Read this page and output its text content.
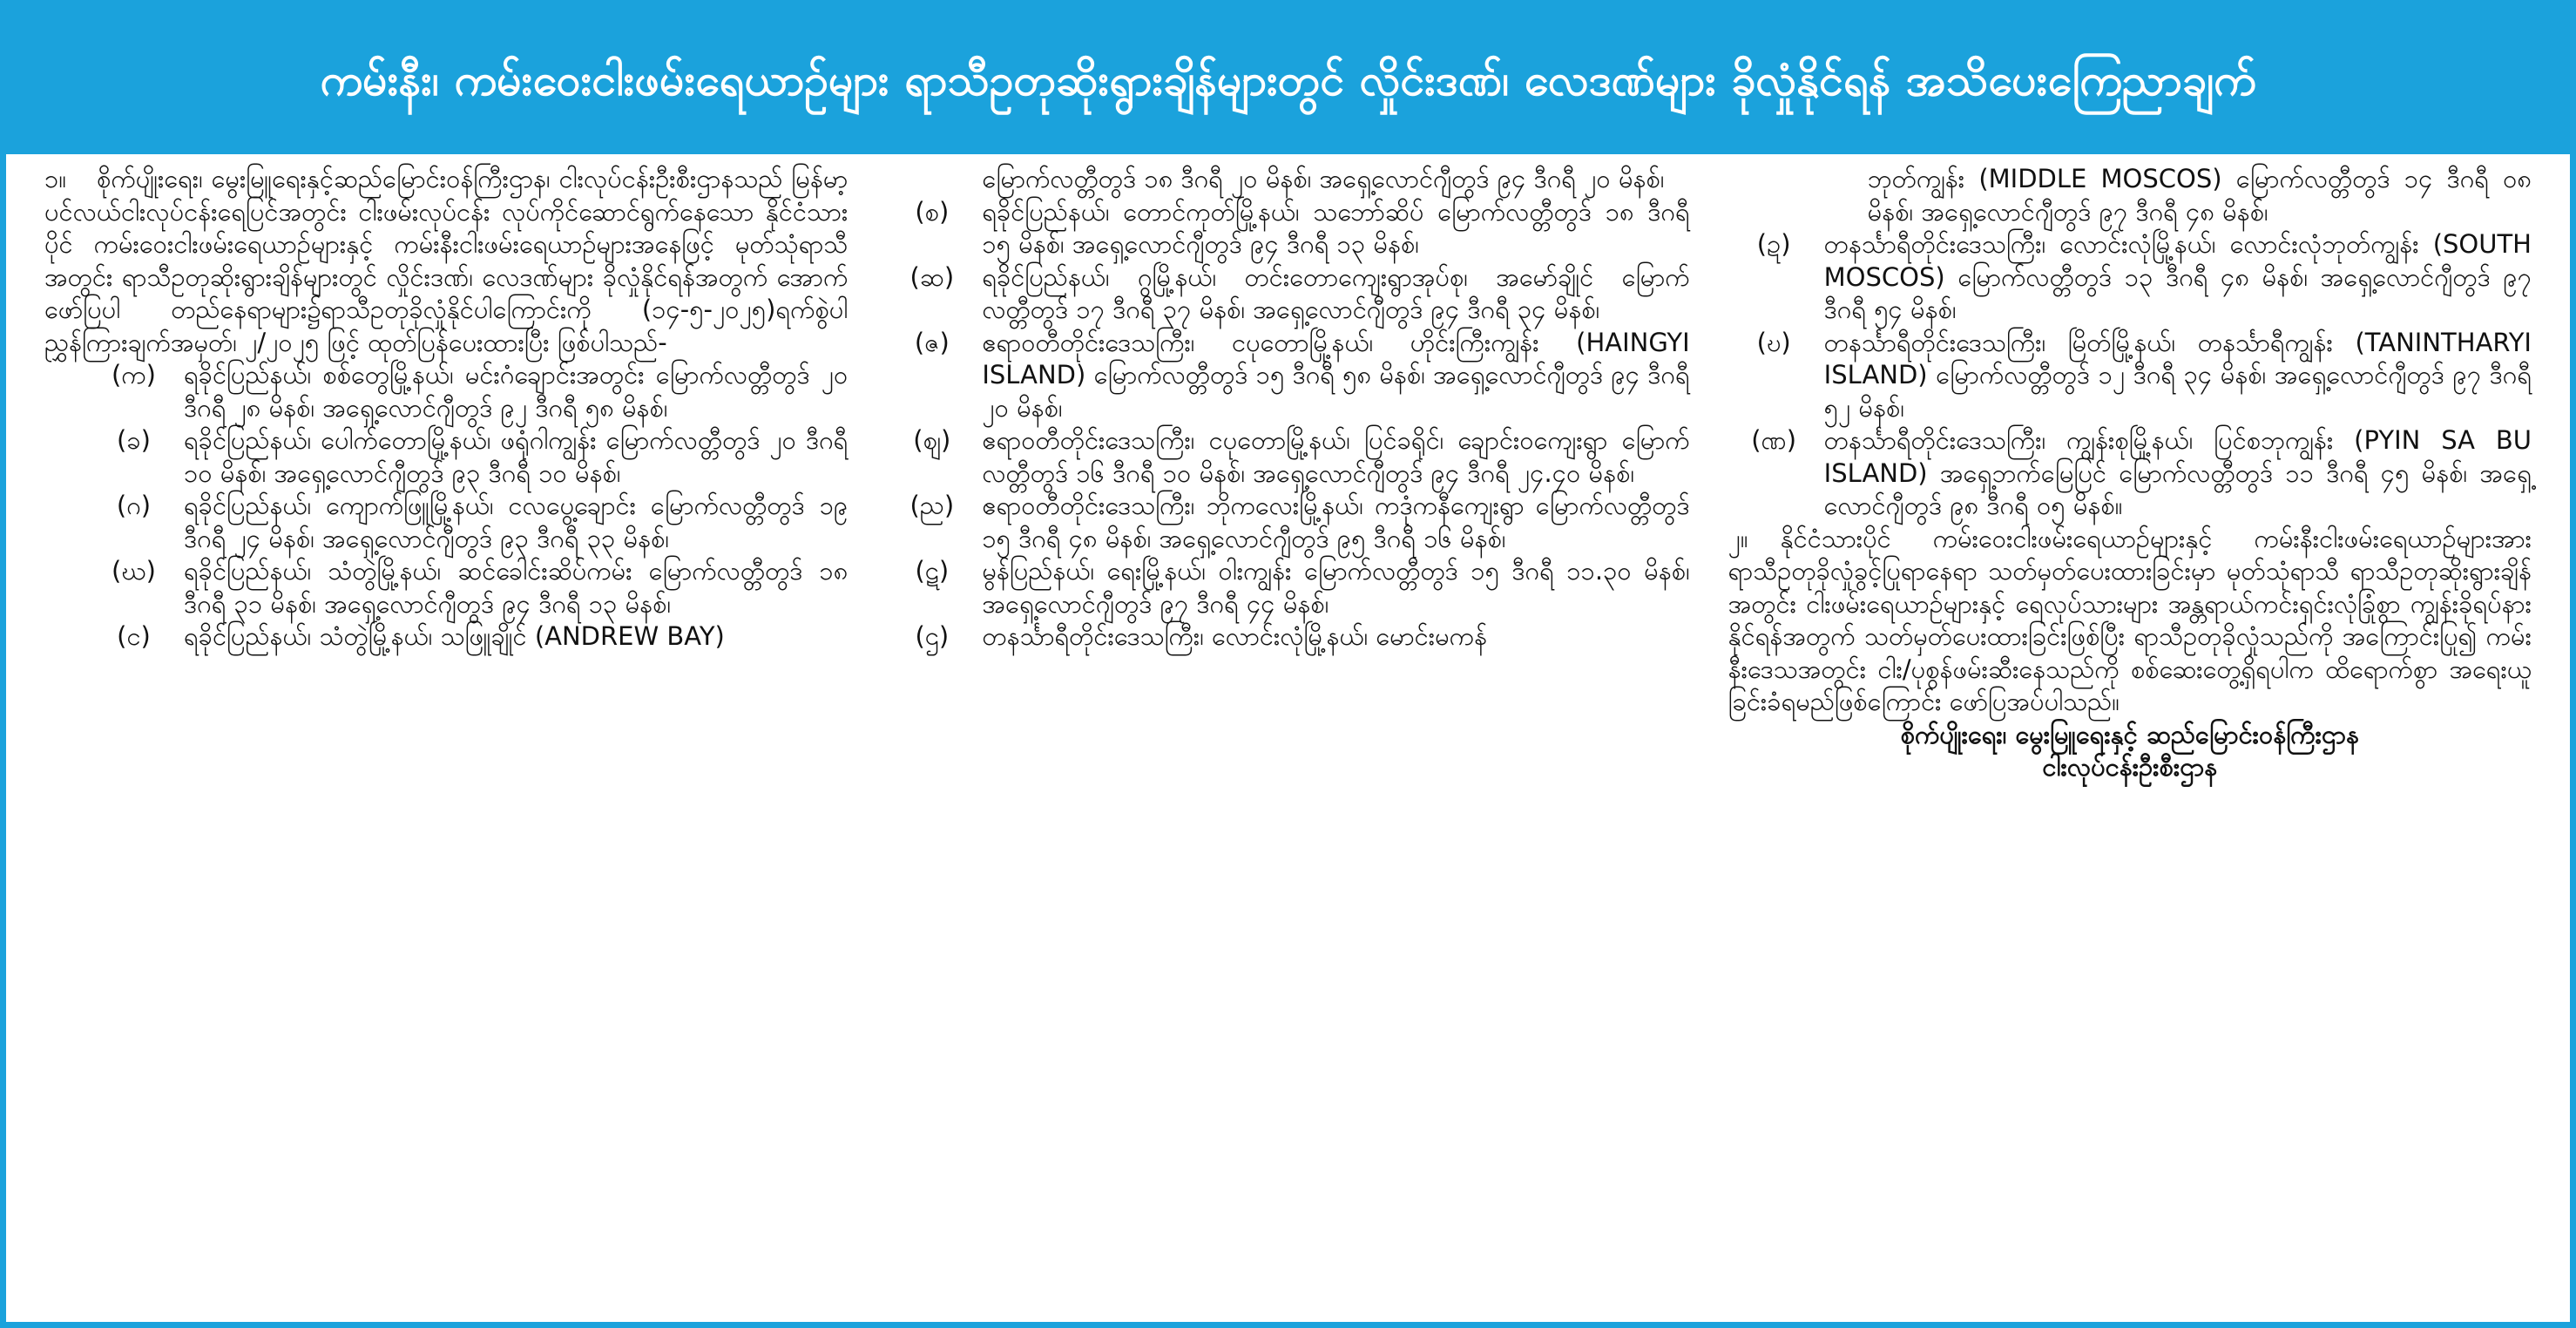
ကမ်းနီး၊ ကမ်းဝေးငါးဖမ်းရေယာဉ်များ ရာသီဥတုဆိုးရွားချိန်များတွင် လှိုင်းဒဏ်၊ လေဒဏ်များ ခိုလှုံနိုင်ရန် အသိပေးကြေညာချက်

၁။ စိုက်ပျိုးရေး၊ မွေးမြူရေးနှင့်ဆည်မြောင်းဝန်ကြီးဌာန၊ ငါးလုပ်ငန်းဦးစီးဌာနသည် မြန်မာ့ပင်လယ်ငါးလုပ်ငန်းရေပြင်အတွင်း ငါးဖမ်းလုပ်ငန်း လုပ်ကိုင်ဆောင်ရွက်နေသော နိုင်ငံသားပိုင် ကမ်းဝေးငါးဖမ်းရေယာဉ်များနှင့် ကမ်းနီးငါးဖမ်းရေယာဉ်များအနေဖြင့် မုတ်သုံရာသီအတွင်း ရာသီဥတုဆိုးရွားချိန်များတွင် လှိုင်းဒဏ်၊ လေဒဏ်များ ခိုလှုံနိုင်ရန်အတွက် အောက်ဖော်ပြပါ တည်နေရာများ၌ရာသီဥတုခိုလှုံနိုင်ပါကြောင်းကို (၁၄-၅-၂၀၂၅)ရက်စွဲပါ ညွှန်ကြားချက်အမှတ်၊ ၂/၂၀၂၅ ဖြင့် ထုတ်ပြန်ပေးထားပြီး ဖြစ်ပါသည်-

(က)	ရခိုင်ပြည်နယ်၊ စစ်တွေမြို့နယ်၊ မင်းဂံချောင်းအတွင်း မြောက်လတ္တီတွဒ် ၂၀ ဒီဂရီ ၂၈ မိနစ်၊ အရှေ့လောင်ဂျီတွဒ် ၉၂ ဒီဂရီ ၅၈ မိနစ်၊

(ခ)	ရခိုင်ပြည်နယ်၊ ပေါက်တောမြို့နယ်၊ ဖရုံဂါကျွန်း မြောက်လတ္တီတွဒ် ၂၀ ဒီဂရီ ၁၀ မိနစ်၊ အရှေ့လောင်ဂျီတွဒ် ၉၃ ဒီဂရီ ၁၀ မိနစ်၊

(ဂ)	ရခိုင်ပြည်နယ်၊ ကျောက်ဖြူမြို့နယ်၊ ငလပွေ့ချောင်း မြောက်လတ္တီတွဒ် ၁၉ ဒီဂရီ ၂၄ မိနစ်၊ အရှေ့လောင်ဂျီတွဒ် ၉၃ ဒီဂရီ ၃၃ မိနစ်၊

(ဃ)	ရခိုင်ပြည်နယ်၊ သံတွဲမြို့နယ်၊ ဆင်ခေါင်းဆိပ်ကမ်း မြောက်လတ္တီတွဒ် ၁၈ ဒီဂရီ ၃၁ မိနစ်၊ အရှေ့လောင်ဂျီတွဒ် ၉၄ ဒီဂရီ ၁၃ မိနစ်၊

(င)	ရခိုင်ပြည်နယ်၊ သံတွဲမြို့နယ်၊ သဖြူချိုင် (ANDREW BAY)

မြောက်လတ္တီတွဒ် ၁၈ ဒီဂရီ ၂၀ မိနစ်၊ အရှေ့လောင်ဂျီတွဒ် ၉၄ ဒီဂရီ ၂၀ မိနစ်၊

(စ)	ရခိုင်ပြည်နယ်၊ တောင်ကုတ်မြို့နယ်၊ သဘော်ဆိပ် မြောက်လတ္တီတွဒ် ၁၈ ဒီဂရီ ၁၅ မိနစ်၊ အရှေ့လောင်ဂျီတွဒ် ၉၄ ဒီဂရီ ၁၃ မိနစ်၊

(ဆ)	ရခိုင်ပြည်နယ်၊ ဂွမြို့နယ်၊ တင်းတောကျေးရွာအုပ်စု၊ အမော်ချိုင် မြောက်လတ္တီတွဒ် ၁၇ ဒီဂရီ ၃၇ မိနစ်၊ အရှေ့လောင်ဂျီတွဒ် ၉၄ ဒီဂရီ ၃၄ မိနစ်၊

(ဇ)	ဧရာဝတီတိုင်းဒေသကြီး၊ ငပုတောမြို့နယ်၊ ဟိုင်းကြီးကျွန်း (HAINGYI ISLAND) မြောက်လတ္တီတွဒ် ၁၅ ဒီဂရီ ၅၈ မိနစ်၊ အရှေ့လောင်ဂျီတွဒ် ၉၄ ဒီဂရီ ၂၀ မိနစ်၊

(ဈ)	ဧရာဝတီတိုင်းဒေသကြီး၊ ငပုတောမြို့နယ်၊ ပြင်ခရိုင်၊ ချောင်းဝကျေးရွာ မြောက်လတ္တီတွဒ် ၁၆ ဒီဂရီ ၁၀ မိနစ်၊ အရှေ့လောင်ဂျီတွဒ် ၉၄ ဒီဂရီ ၂၄.၄၀ မိနစ်၊

(ည)	ဧရာဝတီတိုင်းဒေသကြီး၊ ဘိုကလေးမြို့နယ်၊ ကဒုံကနီကျေးရွာ မြောက်လတ္တီတွဒ် ၁၅ ဒီဂရီ ၄၈ မိနစ်၊ အရှေ့လောင်ဂျီတွဒ် ၉၅ ဒီဂရီ ၁၆ မိနစ်၊

(ဋ)	မွန်ပြည်နယ်၊ ရေးမြို့နယ်၊ ဝါးကျွန်း မြောက်လတ္တီတွဒ် ၁၅ ဒီဂရီ ၁၁.၃၀ မိနစ်၊ အရှေ့လောင်ဂျီတွဒ် ၉၇ ဒီဂရီ ၄၄ မိနစ်၊

(ဌ)	တနင်္သာရီတိုင်းဒေသကြီး၊ လောင်းလုံမြို့နယ်၊ မောင်းမကန်

ဘုတ်ကျွန်း (MIDDLE MOSCOS) မြောက်လတ္တီတွဒ် ၁၄ ဒီဂရီ ၀၈ မိနစ်၊ အရှေ့လောင်ဂျီတွဒ် ၉၇ ဒီဂရီ ၄၈ မိနစ်၊

(ဍ)	တနင်္သာရီတိုင်းဒေသကြီး၊ လောင်းလုံမြို့နယ်၊ လောင်းလုံဘုတ်ကျွန်း (SOUTH MOSCOS) မြောက်လတ္တီတွဒ် ၁၃ ဒီဂရီ ၄၈ မိနစ်၊ အရှေ့လောင်ဂျီတွဒ် ၉၇ ဒီဂရီ ၅၄ မိနစ်၊

(ဎ)	တနင်္သာရီတိုင်းဒေသကြီး၊ မြိတ်မြို့နယ်၊ တနင်္သာရီကျွန်း (TANINTHARYI ISLAND) မြောက်လတ္တီတွဒ် ၁၂ ဒီဂရီ ၃၄ မိနစ်၊ အရှေ့လောင်ဂျီတွဒ် ၉၇ ဒီဂရီ ၅၂ မိနစ်၊

(ဏ)	တနင်္သာရီတိုင်းဒေသကြီး၊ ကျွန်းစုမြို့နယ်၊ ပြင်စဘုကျွန်း (PYIN SA BU ISLAND) အရှေ့ဘက်မြေပြင် မြောက်လတ္တီတွဒ် ၁၁ ဒီဂရီ ၄၅ မိနစ်၊ အရှေ့လောင်ဂျီတွဒ် ၉၈ ဒီဂရီ ၀၅ မိနစ်။

၂။ နိုင်ငံသားပိုင် ကမ်းဝေးငါးဖမ်းရေယာဉ်များနှင့် ကမ်းနီးငါးဖမ်းရေယာဉ်များအား ရာသီဥတုခိုလှုံခွင့်ပြုရာနေရာ သတ်မှတ်ပေးထားခြင်းမှာ မုတ်သုံရာသီ ရာသီဥတုဆိုးရွားချိန်အတွင်း ငါးဖမ်းရေယာဉ်များနှင့် ရေလုပ်သားများ အန္တရာယ်ကင်းရှင်းလုံခြုံစွာ ကျွန်းခိုရပ်နားနိုင်ရန်အတွက် သတ်မှတ်ပေးထားခြင်းဖြစ်ပြီး ရာသီဥတုခိုလှုံသည်ကို အကြောင်းပြု၍ ကမ်းနီးဒေသအတွင်း ငါး/ပုစွန်ဖမ်းဆီးနေသည်ကို စစ်ဆေးတွေ့ရှိရပါက ထိရောက်စွာ အရေးယူခြင်းခံရမည်ဖြစ်ကြောင်း ဖော်ပြအပ်ပါသည်။

စိုက်ပျိုးရေး၊ မွေးမြူရေးနှင့် ဆည်မြောင်းဝန်ကြီးဌာန

ငါးလုပ်ငန်းဦးစီးဌာန
